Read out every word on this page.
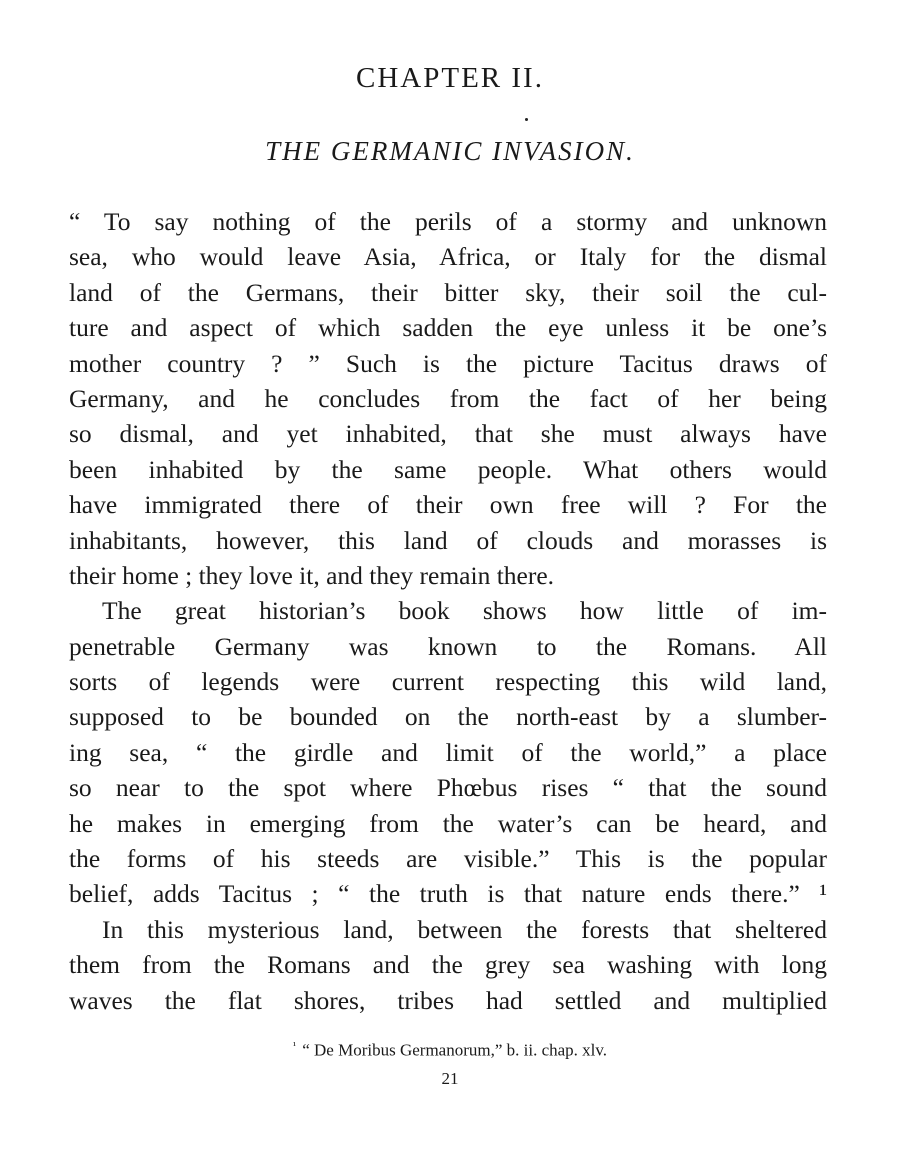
CHAPTER II.
THE GERMANIC INVASION.
“ To say nothing of the perils of a stormy and unknown
sea, who would leave Asia, Africa, or Italy for the dismal
land of the Germans, their bitter sky, their soil the cul-
ture and aspect of which sadden the eye unless it be one’s
mother country ? ” Such is the picture Tacitus draws of
Germany, and he concludes from the fact of her being
so dismal, and yet inhabited, that she must always have
been inhabited by the same people. What others would
have immigrated there of their own free will ? For the
inhabitants, however, this land of clouds and morasses is
their home ; they love it, and they remain there.
The great historian’s book shows how little of im-
penetrable Germany was known to the Romans. All
sorts of legends were current respecting this wild land,
supposed to be bounded on the north-east by a slumber-
ing sea, “ the girdle and limit of the world,” a place
so near to the spot where Phœbus rises “ that the sound
he makes in emerging from the water’s can be heard, and
the forms of his steeds are visible.” This is the popular
belief, adds Tacitus ; “ the truth is that nature ends there.” ¹
In this mysterious land, between the forests that sheltered
them from the Romans and the grey sea washing with long
waves the flat shores, tribes had settled and multiplied
$^{^1}$ “ De Moribus Germanorum,” b. ii. chap. xlv.
21
